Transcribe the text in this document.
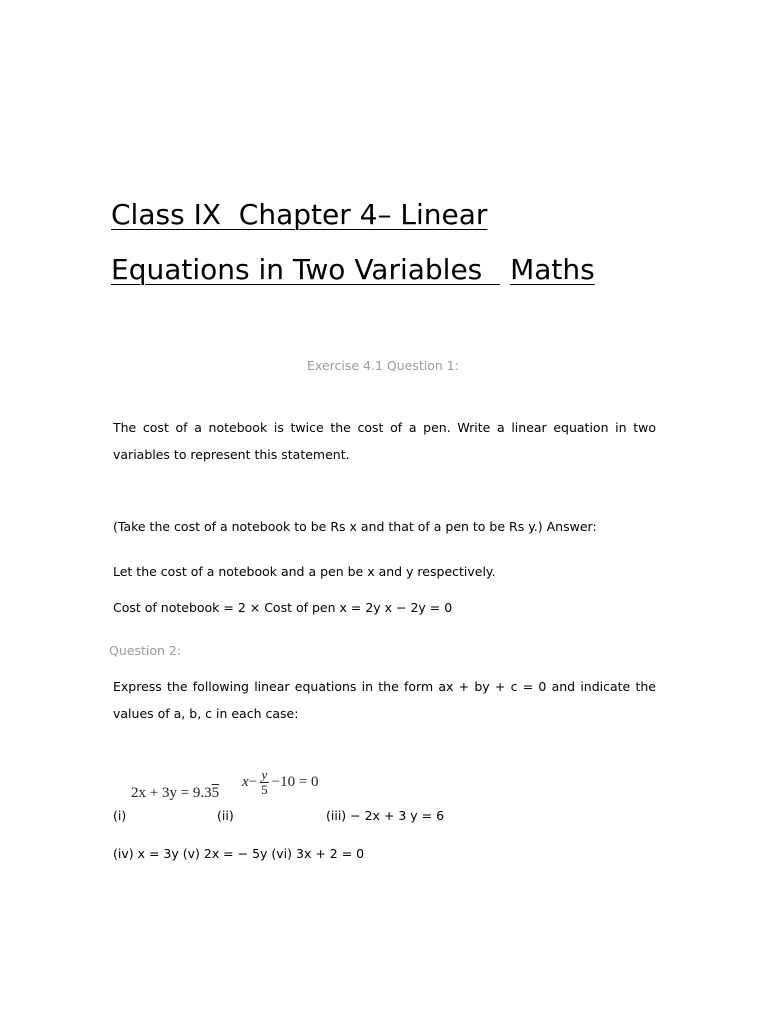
Class IX  Chapter 4– Linear
Equations in Two Variables  Maths
Exercise 4.1 Question 1:

The cost of a notebook is twice the cost of a pen. Write a linear equation in two variables to represent this statement.

(Take the cost of a notebook to be Rs x and that of a pen to be Rs y.) Answer:

Let the cost of a notebook and a pen be x and y respectively.

Cost of notebook = 2 × Cost of pen x = 2y x − 2y = 0

Question 2:

Express the following linear equations in the form ax + by + c = 0 and indicate the values of a, b, c in each case:

2x + 3y = 9.35
$x- \frac{y}{5} -10 = 0$
(i)	(ii)	(iii) − 2x + 3 y = 6

(iv) x = 3y (v) 2x = − 5y (vi) 3x + 2 = 0
